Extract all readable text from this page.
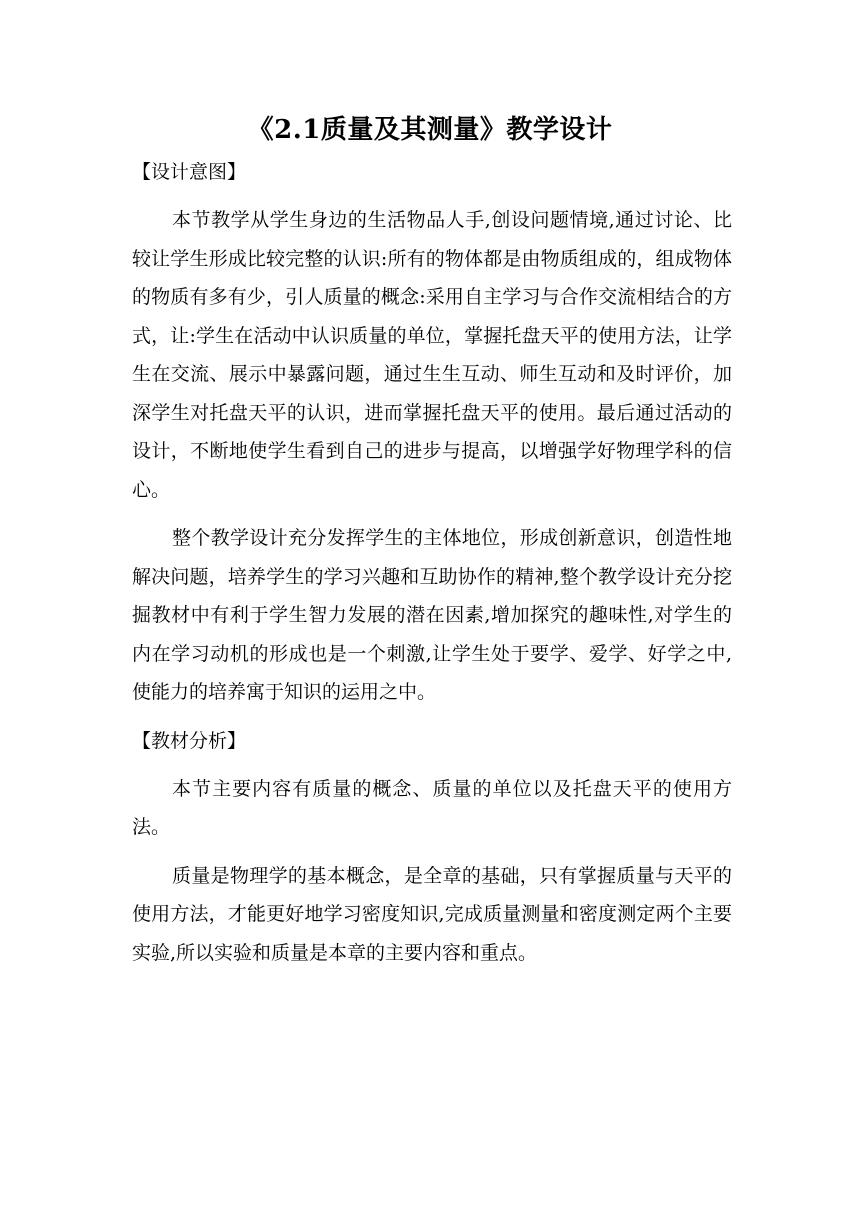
《2.1质量及其测量》教学设计

【设计意图】

本节教学从学生身边的生活物品人手,创设问题情境,通过讨论、比较让学生形成比较完整的认识:所有的物体都是由物质组成的，组成物体的物质有多有少，引人质量的概念:采用自主学习与合作交流相结合的方式，让:学生在活动中认识质量的单位，掌握托盘天平的使用方法，让学生在交流、展示中暴露问题，通过生生互动、师生互动和及时评价，加深学生对托盘天平的认识，进而掌握托盘天平的使用。最后通过活动的设计，不断地使学生看到自己的进步与提高，以增强学好物理学科的信心。

整个教学设计充分发挥学生的主体地位，形成创新意识，创造性地解决问题，培养学生的学习兴趣和互助协作的精神,整个教学设计充分挖掘教材中有利于学生智力发展的潜在因素,增加探究的趣味性,对学生的内在学习动机的形成也是一个刺激,让学生处于要学、爱学、好学之中,使能力的培养寓于知识的运用之中。

【教材分析】

本节主要内容有质量的概念、质量的单位以及托盘天平的使用方法。

质量是物理学的基本概念，是全章的基础，只有掌握质量与天平的使用方法，才能更好地学习密度知识,完成质量测量和密度测定两个主要实验,所以实验和质量是本章的主要内容和重点。
